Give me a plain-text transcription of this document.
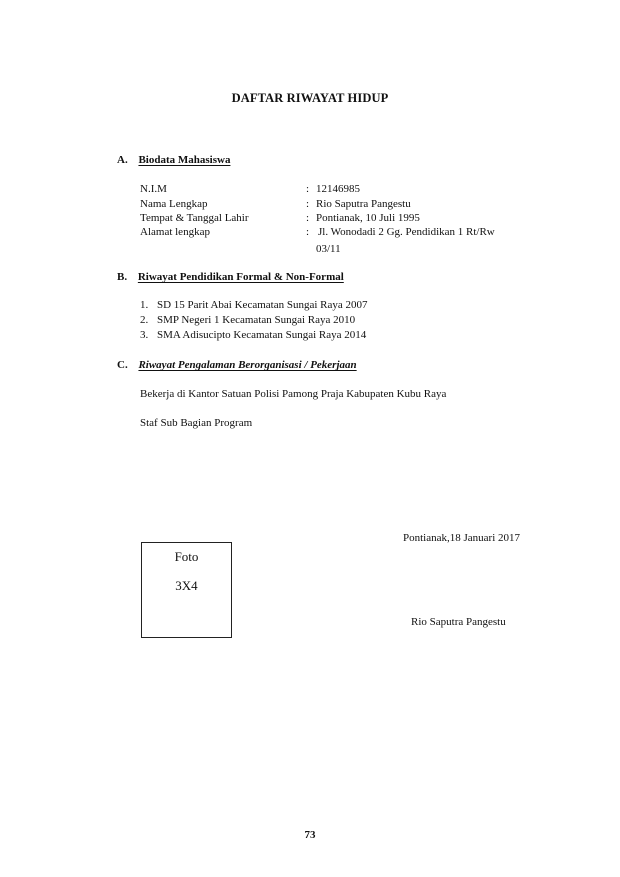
DAFTAR RIWAYAT HIDUP
A. Biodata Mahasiswa
N.I.M	: 12146985
Nama Lengkap	: Rio Saputra Pangestu
Tempat & Tanggal Lahir	: Pontianak, 10 Juli 1995
Alamat lengkap	: Jl. Wonodadi 2 Gg. Pendidikan 1 Rt/Rw
03/11
B. Riwayat Pendidikan Formal & Non-Formal
1. SD 15 Parit Abai Kecamatan Sungai Raya 2007
2. SMP Negeri 1 Kecamatan Sungai Raya 2010
3. SMA Adisucipto Kecamatan Sungai Raya 2014
C. Riwayat Pengalaman Berorganisasi / Pekerjaan
Bekerja di Kantor Satuan Polisi Pamong Praja Kabupaten Kubu Raya
Staf Sub Bagian Program
Pontianak,18 Januari 2017
Foto
3X4
Rio Saputra Pangestu
73
